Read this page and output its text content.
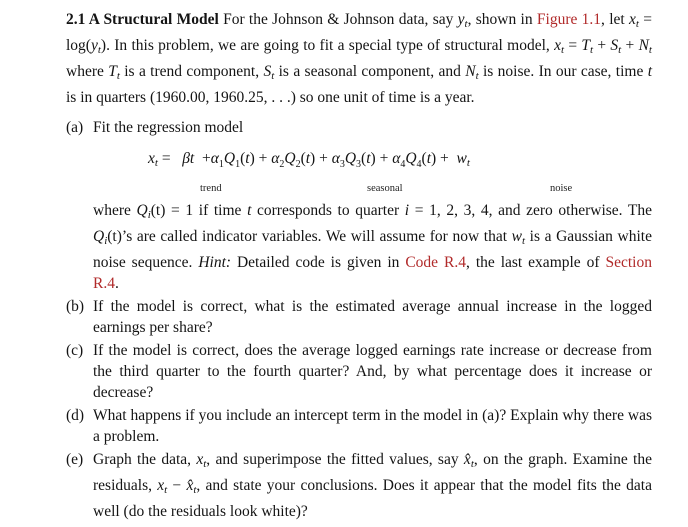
2.1 A Structural Model For the Johnson & Johnson data, say $y_t$, shown in Figure 1.1, let $x_t = \log(y_t)$. In this problem, we are going to fit a special type of structural model, $x_t = T_t + S_t + N_t$ where $T_t$ is a trend component, $S_t$ is a seasonal component, and $N_t$ is noise. In our case, time t is in quarters (1960.00, 1960.25, . . .) so one unit of time is a year.
(a) Fit the regression model
$x_t = \beta t +\alpha_1Q_1(t) + \alpha_2Q_2(t) + \alpha_3Q_3(t) + \alpha_4Q_4(t) + w_t$
trend	seasonal	noise
where $Q_i(t) = 1$ if time t corresponds to quarter i = 1, 2, 3, 4, and zero otherwise. The $Q_i(t)’s$ are called indicator variables. We will assume for now that $w_t$ is a Gaussian white noise sequence. Hint: Detailed code is given in Code R.4, the last example of Section R.4.
(b) If the model is correct, what is the estimated average annual increase in the logged earnings per share?
(c) If the model is correct, does the average logged earnings rate increase or decrease from the third quarter to the fourth quarter? And, by what percentage does it increase or decrease?
(d) What happens if you include an intercept term in the model in (a)? Explain why there was a problem.
(e) Graph the data, $x_t$, and superimpose the fitted values, say $x̂_t$, on the graph. Examine the residuals, $x_t$ − $x̂_t$, and state your conclusions. Does it appear that the model fits the data well (do the residuals look white)?
